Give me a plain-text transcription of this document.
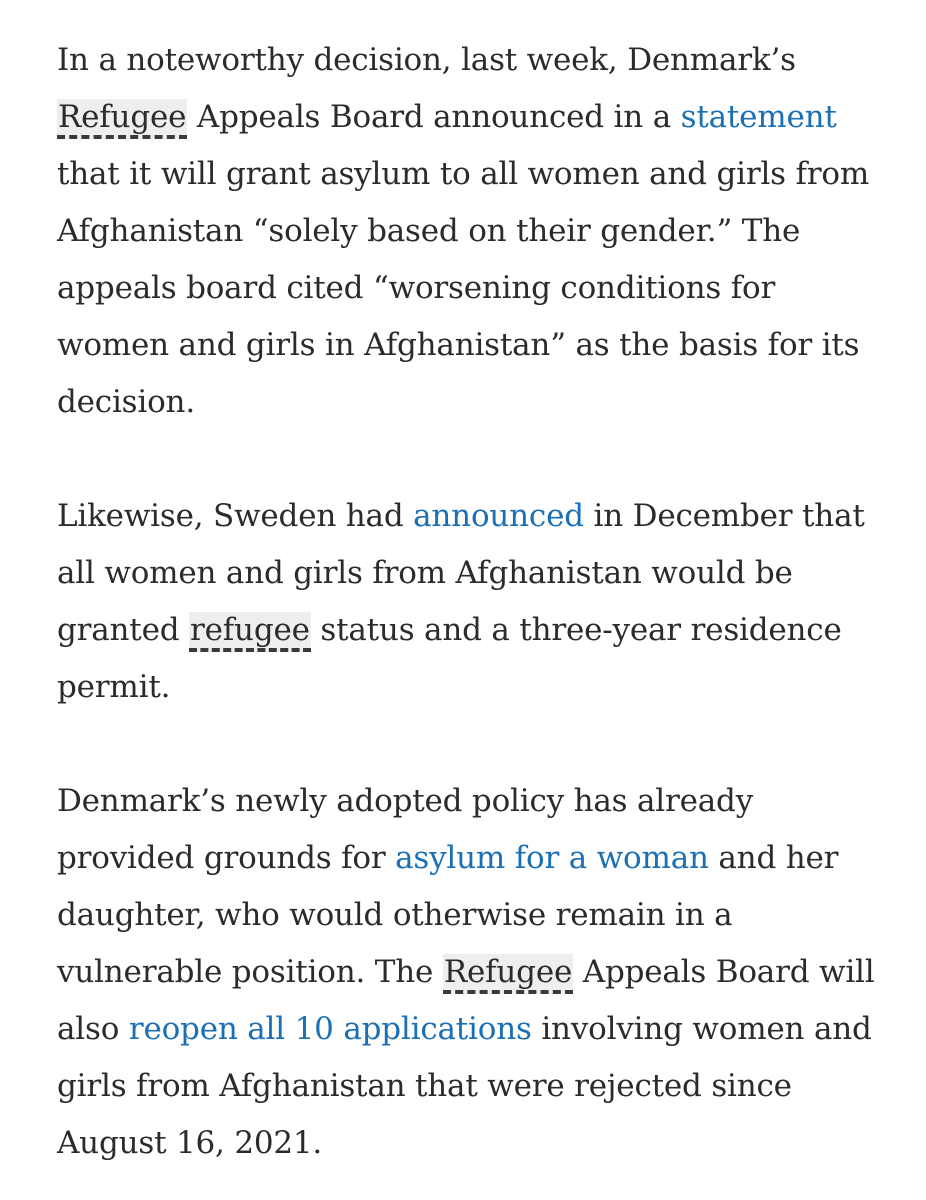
In a noteworthy decision, last week, Denmark’s Refugee Appeals Board announced in a statement that it will grant asylum to all women and girls from Afghanistan “solely based on their gender.” The appeals board cited “worsening conditions for women and girls in Afghanistan” as the basis for its decision.

Likewise, Sweden had announced in December that all women and girls from Afghanistan would be granted refugee status and a three-year residence permit.

Denmark’s newly adopted policy has already provided grounds for asylum for a woman and her daughter, who would otherwise remain in a vulnerable position. The Refugee Appeals Board will also reopen all 10 applications involving women and girls from Afghanistan that were rejected since August 16, 2021.
